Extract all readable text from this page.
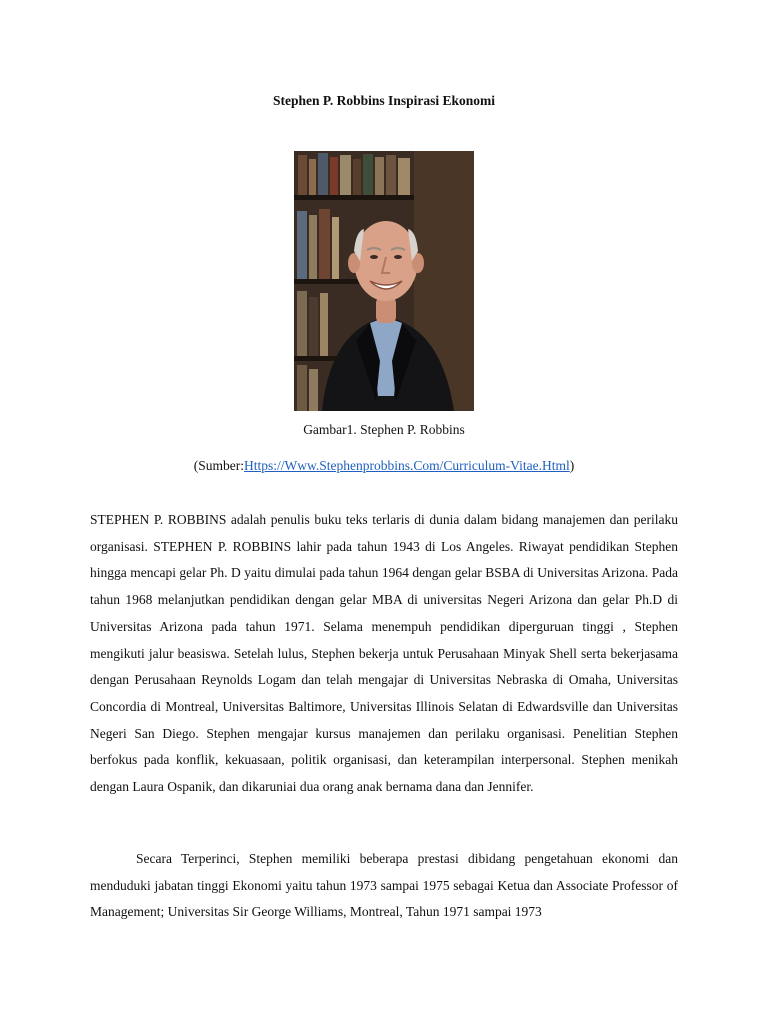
Stephen P. Robbins Inspirasi Ekonomi
Gambar1. Stephen P. Robbins
(Sumber:Https://Www.Stephenprobbins.Com/Curriculum-Vitae.Html)

STEPHEN P. ROBBINS adalah penulis buku teks terlaris di dunia dalam bidang manajemen dan perilaku organisasi. STEPHEN P. ROBBINS lahir pada tahun 1943 di Los Angeles. Riwayat pendidikan Stephen hingga mencapi gelar Ph. D yaitu dimulai pada tahun 1964 dengan gelar BSBA di Universitas Arizona. Pada tahun 1968 melanjutkan pendidikan dengan gelar MBA di universitas Negeri Arizona dan gelar Ph.D di Universitas Arizona pada tahun 1971. Selama menempuh pendidikan diperguruan tinggi , Stephen mengikuti jalur beasiswa. Setelah lulus, Stephen bekerja untuk Perusahaan Minyak Shell serta bekerjasama dengan Perusahaan Reynolds Logam dan telah mengajar di Universitas Nebraska di Omaha, Universitas Concordia di Montreal, Universitas Baltimore, Universitas Illinois Selatan di Edwardsville dan Universitas Negeri San Diego. Stephen mengajar kursus manajemen dan perilaku organisasi. Penelitian Stephen berfokus pada konflik, kekuasaan, politik organisasi, dan keterampilan interpersonal. Stephen menikah dengan Laura Ospanik, dan dikaruniai dua orang anak bernama dana dan Jennifer.

Secara Terperinci, Stephen memiliki beberapa prestasi dibidang pengetahuan ekonomi dan menduduki jabatan tinggi Ekonomi yaitu tahun 1973 sampai 1975 sebagai Ketua dan Associate Professor of Management; Universitas Sir George Williams, Montreal, Tahun 1971 sampai 1973
